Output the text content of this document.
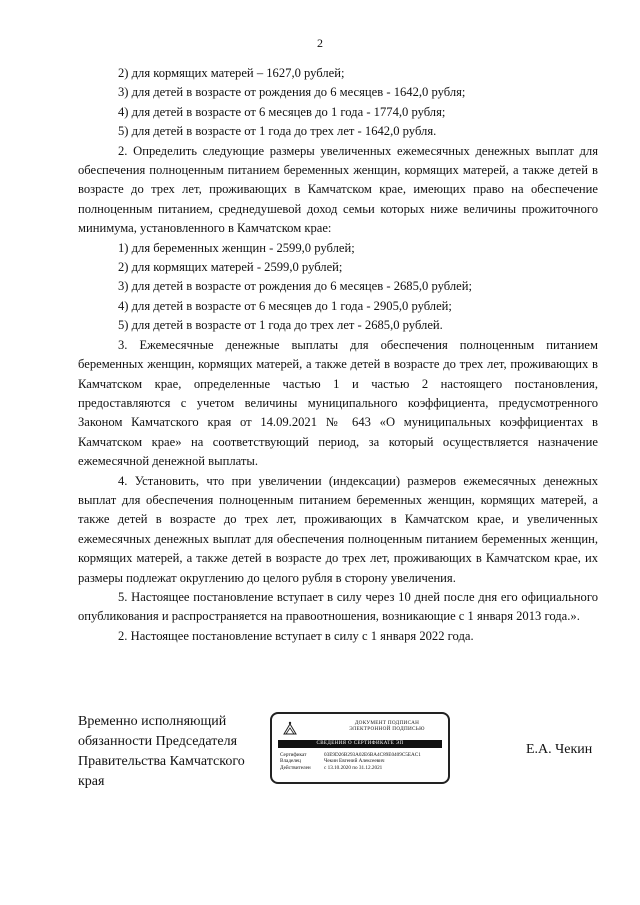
2

2) для кормящих матерей – 1627,0 рублей;

3) для детей в возрасте от рождения до 6 месяцев - 1642,0 рубля;

4) для детей в возрасте от 6 месяцев до 1 года - 1774,0 рубля;

5) для детей в возрасте от 1 года до трех лет - 1642,0 рубля.

2. Определить следующие размеры увеличенных ежемесячных денежных выплат для обеспечения полноценным питанием беременных женщин, кормящих матерей, а также детей в возрасте до трех лет, проживающих в Камчатском крае, имеющих право на обеспечение полноценным питанием, среднедушевой доход семьи которых ниже величины прожиточного минимума, установленного в Камчатском крае:

1) для беременных женщин - 2599,0 рублей;

2) для кормящих матерей - 2599,0 рублей;

3) для детей в возрасте от рождения до 6 месяцев - 2685,0 рублей;

4) для детей в возрасте от 6 месяцев до 1 года - 2905,0 рублей;

5) для детей в возрасте от 1 года до трех лет - 2685,0 рублей.

3. Ежемесячные денежные выплаты для обеспечения полноценным питанием беременных женщин, кормящих матерей, а также детей в возрасте до трех лет, проживающих в Камчатском крае, определенные частью 1 и частью 2 настоящего постановления, предоставляются с учетом величины муниципального коэффициента, предусмотренного Законом Камчатского края от 14.09.2021 № 643 «О муниципальных коэффициентах в Камчатском крае» на соответствующий период, за который осуществляется назначение ежемесячной денежной выплаты.

4. Установить, что при увеличении (индексации) размеров ежемесячных денежных выплат для обеспечения полноценным питанием беременных женщин, кормящих матерей, а также детей в возрасте до трех лет, проживающих в Камчатском крае, и увеличенных ежемесячных денежных выплат для обеспечения полноценным питанием беременных женщин, кормящих матерей, а также детей в возрасте до трех лет, проживающих в Камчатском крае, их размеры подлежат округлению до целого рубля в сторону увеличения.

5. Настоящее постановление вступает в силу через 10 дней после дня его официального опубликования и распространяется на правоотношения, возникающие с 1 января 2013 года.».

2. Настоящее постановление вступает в силу с 1 января 2022 года.

Временно исполняющий
обязанности Председателя
Правительства Камчатского
края
ДОКУМЕНТ ПОДПИСАН
ЭЛЕКТРОННОЙ ПОДПИСЬЮ
СВЕДЕНИЯ О СЕРТИФИКАТЕ ЭП
Сертификат	03E9D26B293A02E6BA4C89E0409C5EAC1
Владелец	Чекин Евгений Алексеевич
Действителен	с 13.10.2020 по 31.12.2021
Е.А. Чекин
